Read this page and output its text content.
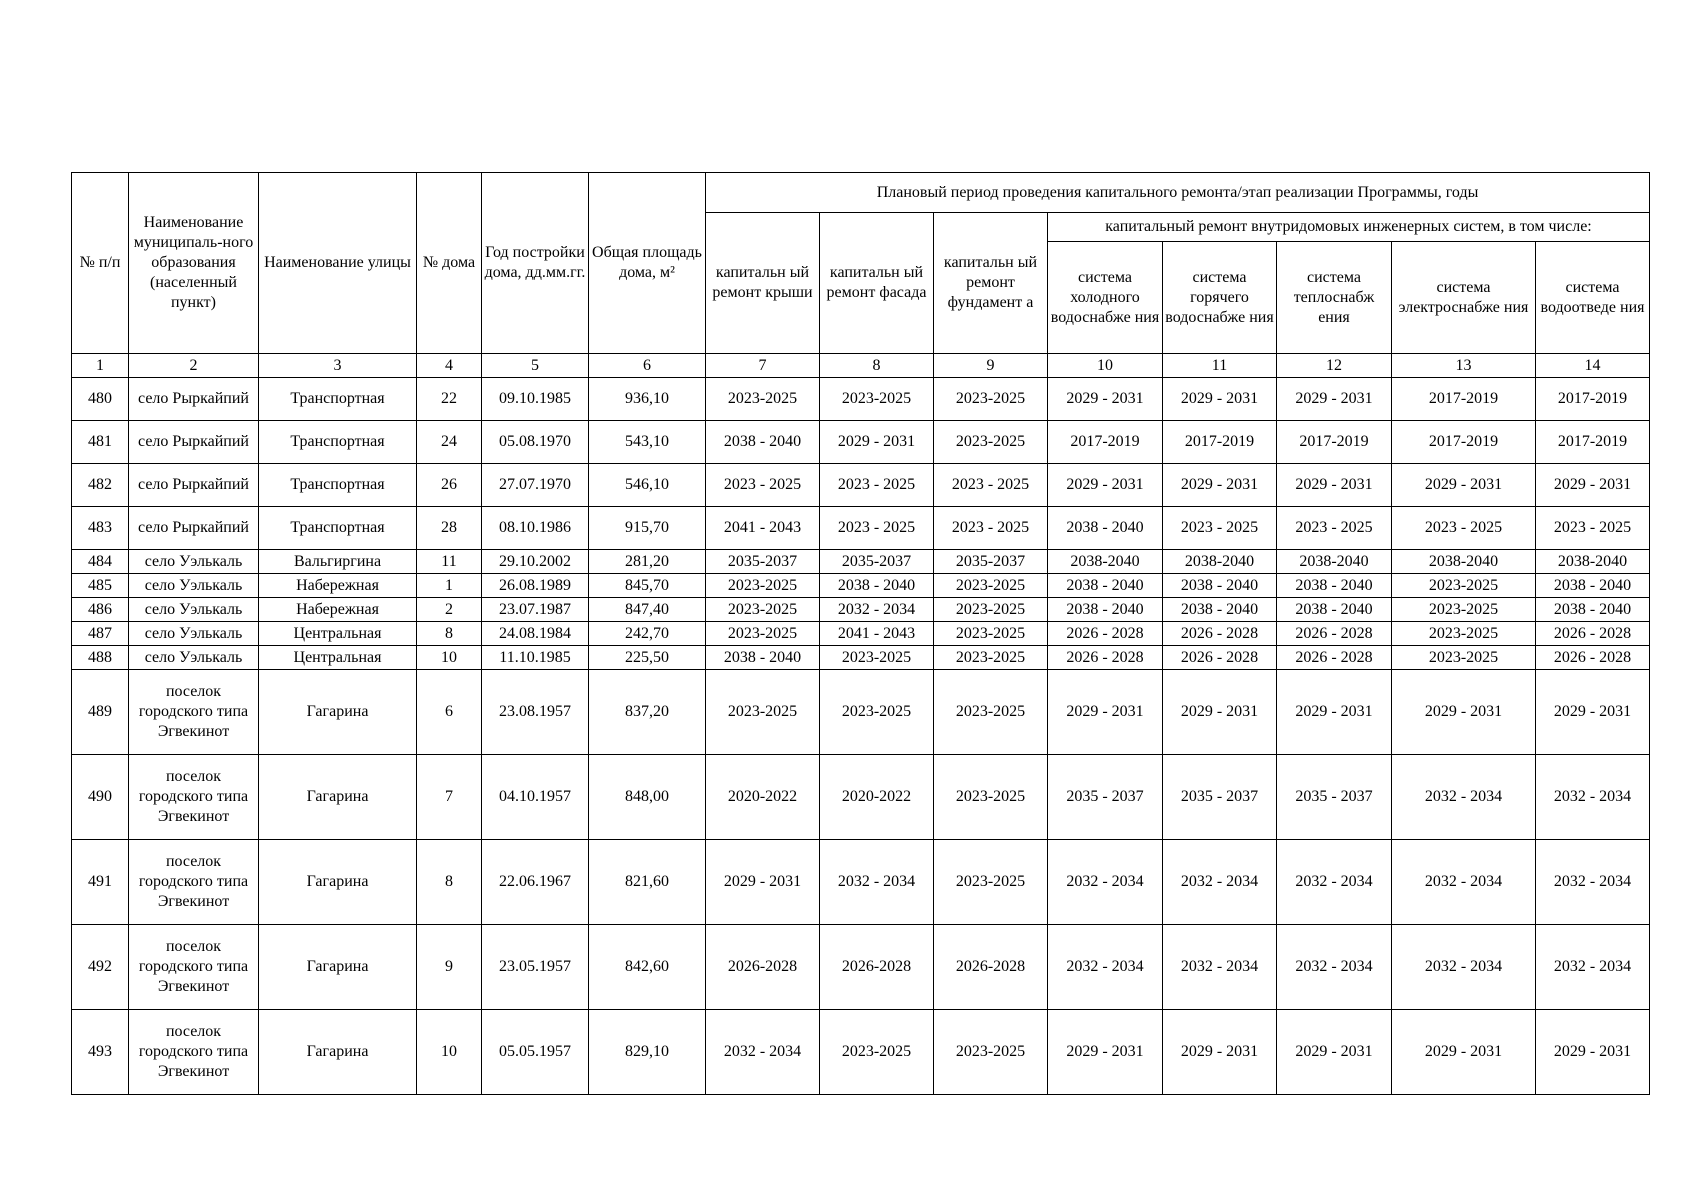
№ п/п	Наименование муниципаль-ного образования (населенный пункт)	Наименование улицы	№ дома	Год постройки дома, дд.мм.гг.	Общая площадь дома, м²	Плановый период проведения капитального ремонта/этап реализации Программы, годы							
						капитальн ый ремонт крыши	капитальн ый ремонт фасада	капитальн ый ремонт фундамент а	капитальный ремонт внутридомовых инженерных систем, в том числе:				
									система холодного водоснабже ния	система горячего водоснабже ния	система теплоснабж ения	система электроснабже ния	система водоотведе ния
1	2	3	4	5	6	7	8	9	10	11	12	13	14
480	село Рыркайпий	Транспортная	22	09.10.1985	936,10	2023-2025	2023-2025	2023-2025	2029 - 2031	2029 - 2031	2029 - 2031	2017-2019	2017-2019
481	село Рыркайпий	Транспортная	24	05.08.1970	543,10	2038 - 2040	2029 - 2031	2023-2025	2017-2019	2017-2019	2017-2019	2017-2019	2017-2019
482	село Рыркайпий	Транспортная	26	27.07.1970	546,10	2023 - 2025	2023 - 2025	2023 - 2025	2029 - 2031	2029 - 2031	2029 - 2031	2029 - 2031	2029 - 2031
483	село Рыркайпий	Транспортная	28	08.10.1986	915,70	2041 - 2043	2023 - 2025	2023 - 2025	2038 - 2040	2023 - 2025	2023 - 2025	2023 - 2025	2023 - 2025
484	село Уэлькаль	Вальгиргина	11	29.10.2002	281,20	2035-2037	2035-2037	2035-2037	2038-2040	2038-2040	2038-2040	2038-2040	2038-2040
485	село Уэлькаль	Набережная	1	26.08.1989	845,70	2023-2025	2038 - 2040	2023-2025	2038 - 2040	2038 - 2040	2038 - 2040	2023-2025	2038 - 2040
486	село Уэлькаль	Набережная	2	23.07.1987	847,40	2023-2025	2032 - 2034	2023-2025	2038 - 2040	2038 - 2040	2038 - 2040	2023-2025	2038 - 2040
487	село Уэлькаль	Центральная	8	24.08.1984	242,70	2023-2025	2041 - 2043	2023-2025	2026 - 2028	2026 - 2028	2026 - 2028	2023-2025	2026 - 2028
488	село Уэлькаль	Центральная	10	11.10.1985	225,50	2038 - 2040	2023-2025	2023-2025	2026 - 2028	2026 - 2028	2026 - 2028	2023-2025	2026 - 2028
489	поселок городского типа Эгвекинот	Гагарина	6	23.08.1957	837,20	2023-2025	2023-2025	2023-2025	2029 - 2031	2029 - 2031	2029 - 2031	2029 - 2031	2029 - 2031
490	поселок городского типа Эгвекинот	Гагарина	7	04.10.1957	848,00	2020-2022	2020-2022	2023-2025	2035 - 2037	2035 - 2037	2035 - 2037	2032 - 2034	2032 - 2034
491	поселок городского типа Эгвекинот	Гагарина	8	22.06.1967	821,60	2029 - 2031	2032 - 2034	2023-2025	2032 - 2034	2032 - 2034	2032 - 2034	2032 - 2034	2032 - 2034
492	поселок городского типа Эгвекинот	Гагарина	9	23.05.1957	842,60	2026-2028	2026-2028	2026-2028	2032 - 2034	2032 - 2034	2032 - 2034	2032 - 2034	2032 - 2034
493	поселок городского типа Эгвекинот	Гагарина	10	05.05.1957	829,10	2032 - 2034	2023-2025	2023-2025	2029 - 2031	2029 - 2031	2029 - 2031	2029 - 2031	2029 - 2031
